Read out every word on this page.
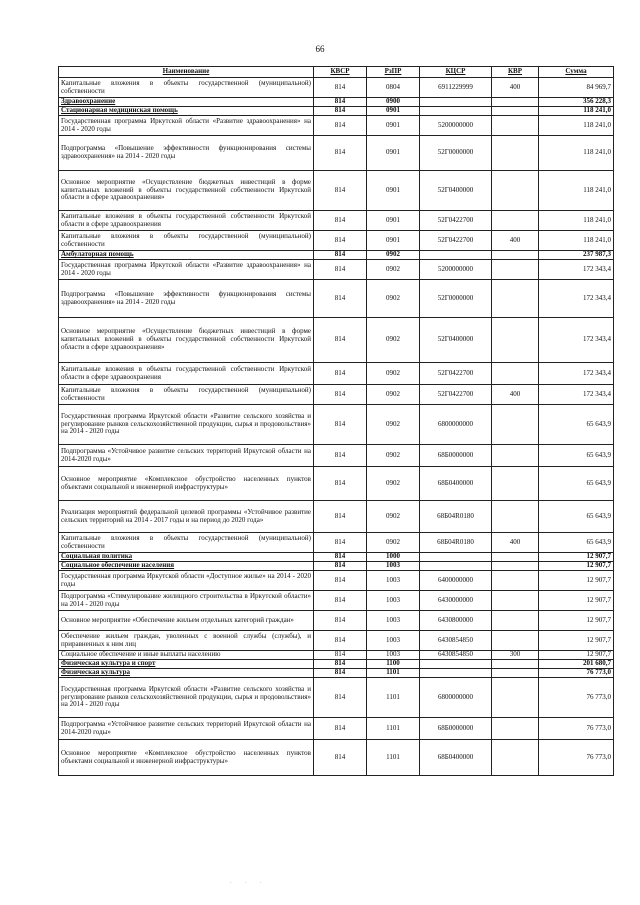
66
Наименование	КВСР	РзПР	КЦСР	КВР	Сумма
Капитальные вложения в объекты государственной (муниципальной) собственности	814	0804	6911229999	400	84 969,7
Здравоохранение	814	0900			356 228,3
Стационарная медицинская помощь	814	0901			118 241,0
Государственная программа Иркутской области «Развитие здравоохранения» на 2014 - 2020 годы	814	0901	5200000000		118 241,0
Подпрограмма «Повышение эффективности функционирования системы здравоохранения» на 2014 - 2020 годы	814	0901	52Г0000000		118 241,0
Основное мероприятие «Осуществление бюджетных инвестиций в форме капитальных вложений в объекты государственной собственности Иркутской области в сфере здравоохранения»	814	0901	52Г0400000		118 241,0
Капитальные вложения в объекты государственной собственности Иркутской области в сфере здравоохранения	814	0901	52Г0422700		118 241,0
Капитальные вложения в объекты государственной (муниципальной) собственности	814	0901	52Г0422700	400	118 241,0
Амбулаторная помощь	814	0902			237 987,3
Государственная программа Иркутской области «Развитие здравоохранения» на 2014 - 2020 годы	814	0902	5200000000		172 343,4
Подпрограмма «Повышение эффективности функционирования системы здравоохранения» на 2014 - 2020 годы	814	0902	52Г0000000		172 343,4
Основное мероприятие «Осуществление бюджетных инвестиций в форме капитальных вложений в объекты государственной собственности Иркутской области в сфере здравоохранения»	814	0902	52Г0400000		172 343,4
Капитальные вложения в объекты государственной собственности Иркутской области в сфере здравоохранения	814	0902	52Г0422700		172 343,4
Капитальные вложения в объекты государственной (муниципальной) собственности	814	0902	52Г0422700	400	172 343,4
Государственная программа Иркутской области «Развитие сельского хозяйства и регулирование рынков сельскохозяйственной продукции, сырья и продовольствия» на 2014 - 2020 годы	814	0902	6800000000		65 643,9
Подпрограмма «Устойчивое развитие сельских территорий Иркутской области на 2014-2020 годы»	814	0902	68Б0000000		65 643,9
Основное мероприятие «Комплексное обустройство населенных пунктов объектами социальной и инженерной инфраструктуры»	814	0902	68Б0400000		65 643,9
Реализация мероприятий федеральной целевой программы «Устойчивое развитие сельских территорий на 2014 - 2017 годы и на период до 2020 года»	814	0902	68Б04R0180		65 643,9
Капитальные вложения в объекты государственной (муниципальной) собственности	814	0902	68Б04R0180	400	65 643,9
Социальная политика	814	1000			12 907,7
Социальное обеспечение населения	814	1003			12 907,7
Государственная программа Иркутской области «Доступное жилье» на 2014 - 2020 годы	814	1003	6400000000		12 907,7
Подпрограмма «Стимулирование жилищного строительства в Иркутской области» на 2014 - 2020 годы	814	1003	6430000000		12 907,7
Основное мероприятие «Обеспечение жильем отдельных категорий граждан»	814	1003	6430800000		12 907,7
Обеспечение жильем граждан, уволенных с военной службы (службы), и приравненных к ним лиц	814	1003	6430854850		12 907,7
Социальное обеспечение и иные выплаты населению	814	1003	6430854850	300	12 907,7
Физическая культура и спорт	814	1100			201 680,7
Физическая культура	814	1101			76 773,0
Государственная программа Иркутской области «Развитие сельского хозяйства и регулирование рынков сельскохозяйственной продукции, сырья и продовольствия» на 2014 - 2020 годы	814	1101	6800000000		76 773,0
Подпрограмма «Устойчивое развитие сельских территорий Иркутской области на 2014-2020 годы»	814	1101	68Б0000000		76 773,0
Основное мероприятие «Комплексное обустройство населенных пунктов объектами социальной и инженерной инфраструктуры»	814	1101	68Б0400000		76 773,0
. . .
